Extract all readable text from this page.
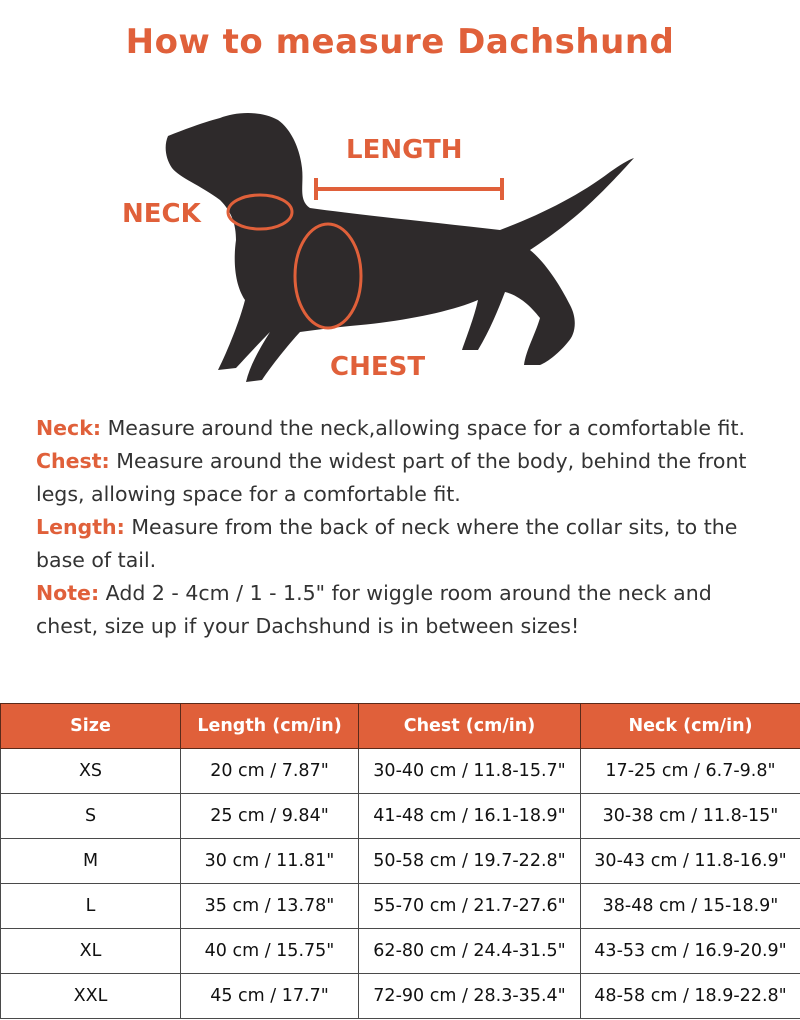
How to measure Dachshund
LENGTH
NECK
CHEST

Neck: Measure around the neck,allowing space for a comfortable fit.

Chest: Measure around the widest part of the body, behind the front legs, allowing space for a comfortable fit.

Length: Measure from the back of neck where the collar sits, to the base of tail.

Note: Add 2 - 4cm / 1 - 1.5" for wiggle room around the neck and chest, size up if your Dachshund is in between sizes!

Size	Length (cm/in)	Chest (cm/in)	Neck (cm/in)
XS	20 cm / 7.87"	30-40 cm / 11.8-15.7"	17-25 cm / 6.7-9.8"
S	25 cm / 9.84"	41-48 cm / 16.1-18.9"	30-38 cm / 11.8-15"
M	30 cm / 11.81"	50-58 cm / 19.7-22.8"	30-43 cm / 11.8-16.9"
L	35 cm / 13.78"	55-70 cm / 21.7-27.6"	38-48 cm / 15-18.9"
XL	40 cm / 15.75"	62-80 cm / 24.4-31.5"	43-53 cm / 16.9-20.9"
XXL	45 cm / 17.7"	72-90 cm / 28.3-35.4"	48-58 cm / 18.9-22.8"
